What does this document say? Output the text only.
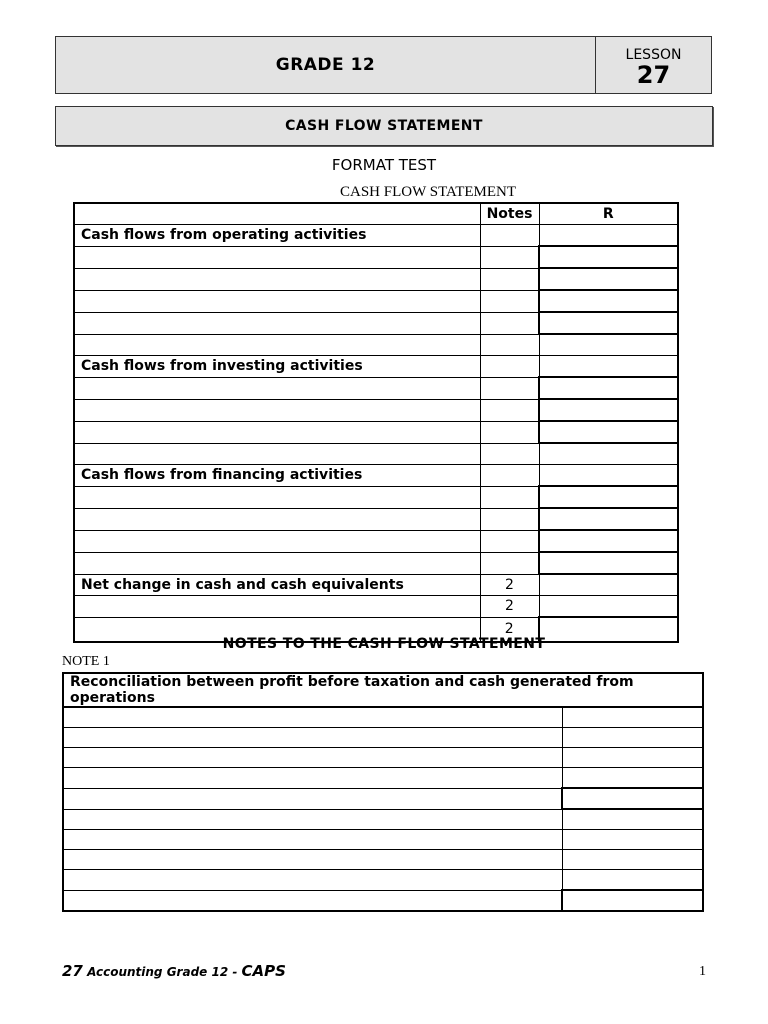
GRADE 12	LESSON
27
CASH FLOW STATEMENT
FORMAT TEST
CASH FLOW STATEMENT
	Notes	R
Cash flows from operating activities		

Cash flows from investing activities		

Cash flows from financing activities		

Net change in cash and cash equivalents	2	
	2	
	2	
NOTES TO THE CASH FLOW STATEMENT
NOTE 1
Reconciliation between profit before taxation and cash generated from operations	

27 Accounting Grade 12 - CAPS	1
